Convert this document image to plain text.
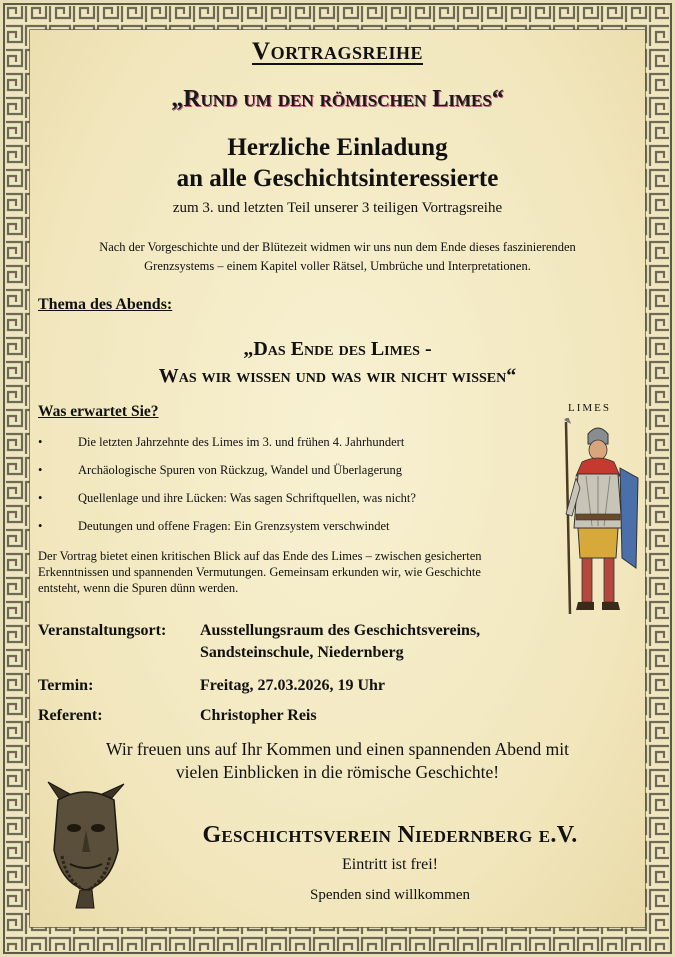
Vortragsreihe
„Rund um den römischen Limes“
Herzliche Einladung
an alle Geschichtsinteressierte
zum 3. und letzten Teil unserer 3 teiligen Vortragsreihe
Nach der Vorgeschichte und der Blütezeit widmen wir uns nun dem Ende dieses faszinierenden
Grenzsystems – einem Kapitel voller Rätsel, Umbrüche und Interpretationen.
Thema des Abends:
„Das Ende des Limes -
Was wir wissen und was wir nicht wissen“
Was erwartet Sie?
• Die letzten Jahrzehnte des Limes im 3. und frühen 4. Jahrhundert
• Archäologische Spuren von Rückzug, Wandel und Überlagerung
• Quellenlage und ihre Lücken: Was sagen Schriftquellen, was nicht?
• Deutungen und offene Fragen: Ein Grenzsystem verschwindet
LIMES
Der Vortrag bietet einen kritischen Blick auf das Ende des Limes – zwischen gesicherten
Erkenntnissen und spannenden Vermutungen. Gemeinsam erkunden wir, wie Geschichte
entsteht, wenn die Spuren dünn werden.
Veranstaltungsort: Ausstellungsraum des Geschichtsvereins,
Sandsteinschule, Niedernberg
Termin:	Freitag, 27.03.2026, 19 Uhr
Referent:	Christopher Reis
Wir freuen uns auf Ihr Kommen und einen spannenden Abend mit
vielen Einblicken in die römische Geschichte!
Geschichtsverein Niedernberg e.V.
Eintritt ist frei!
Spenden sind willkommen
